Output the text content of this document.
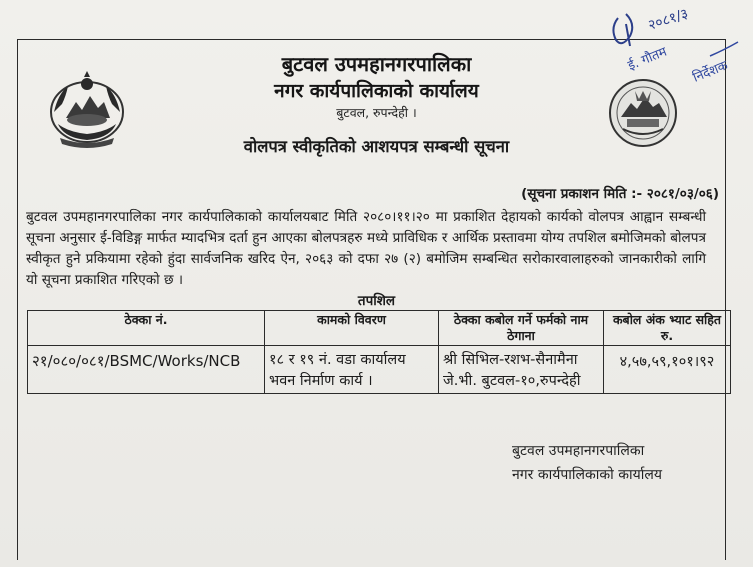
बुटवल उपमहानगरपालिका
नगर कार्यपालिकाको कार्यालय
बुटवल, रुपन्देही ।
वोलपत्र स्वीकृतिको आशयपत्र सम्बन्धी सूचना
(सूचना प्रकाशन मिति :- २०८१/०३/०६)
बुटवल उपमहानगरपालिका नगर कार्यपालिकाको कार्यालयबाट मिति २०८०।११।२० मा प्रकाशित देहायको कार्यको वोलपत्र आह्वान सम्बन्धी सूचना अनुसार ई-विडिङ्ग मार्फत म्यादभित्र दर्ता हुन आएका बोलपत्रहरु मध्ये प्राविधिक र आर्थिक प्रस्तावमा योग्य तपशिल बमोजिमको बोलपत्र स्वीकृत हुने प्रकियामा रहेको हुंदा सार्वजनिक खरिद ऐन, २०६३ को दफा २७ (२) बमोजिम सम्बन्धित सरोकारवालाहरुको जानकारीको लागि यो सूचना प्रकाशित गरिएको छ ।
तपशिल
ठेक्का नं.	कामको विवरण	ठेक्का कबोल गर्ने फर्मको नाम ठेगाना	कबोल अंक भ्याट सहित रु.
२१/०८०/०८१/BSMC/Works/NCB	१८ र १९ नं. वडा कार्यालय भवन निर्माण कार्य ।	श्री सिभिल-रशभ-सैनामैना जे.भी. बुटवल-१०,रुपन्देही	४,५७,५९,१०१।९२
बुटवल उपमहानगरपालिका
नगर कार्यपालिकाको कार्यालय
२०८१/३
ई. गौतम निर्देशक
